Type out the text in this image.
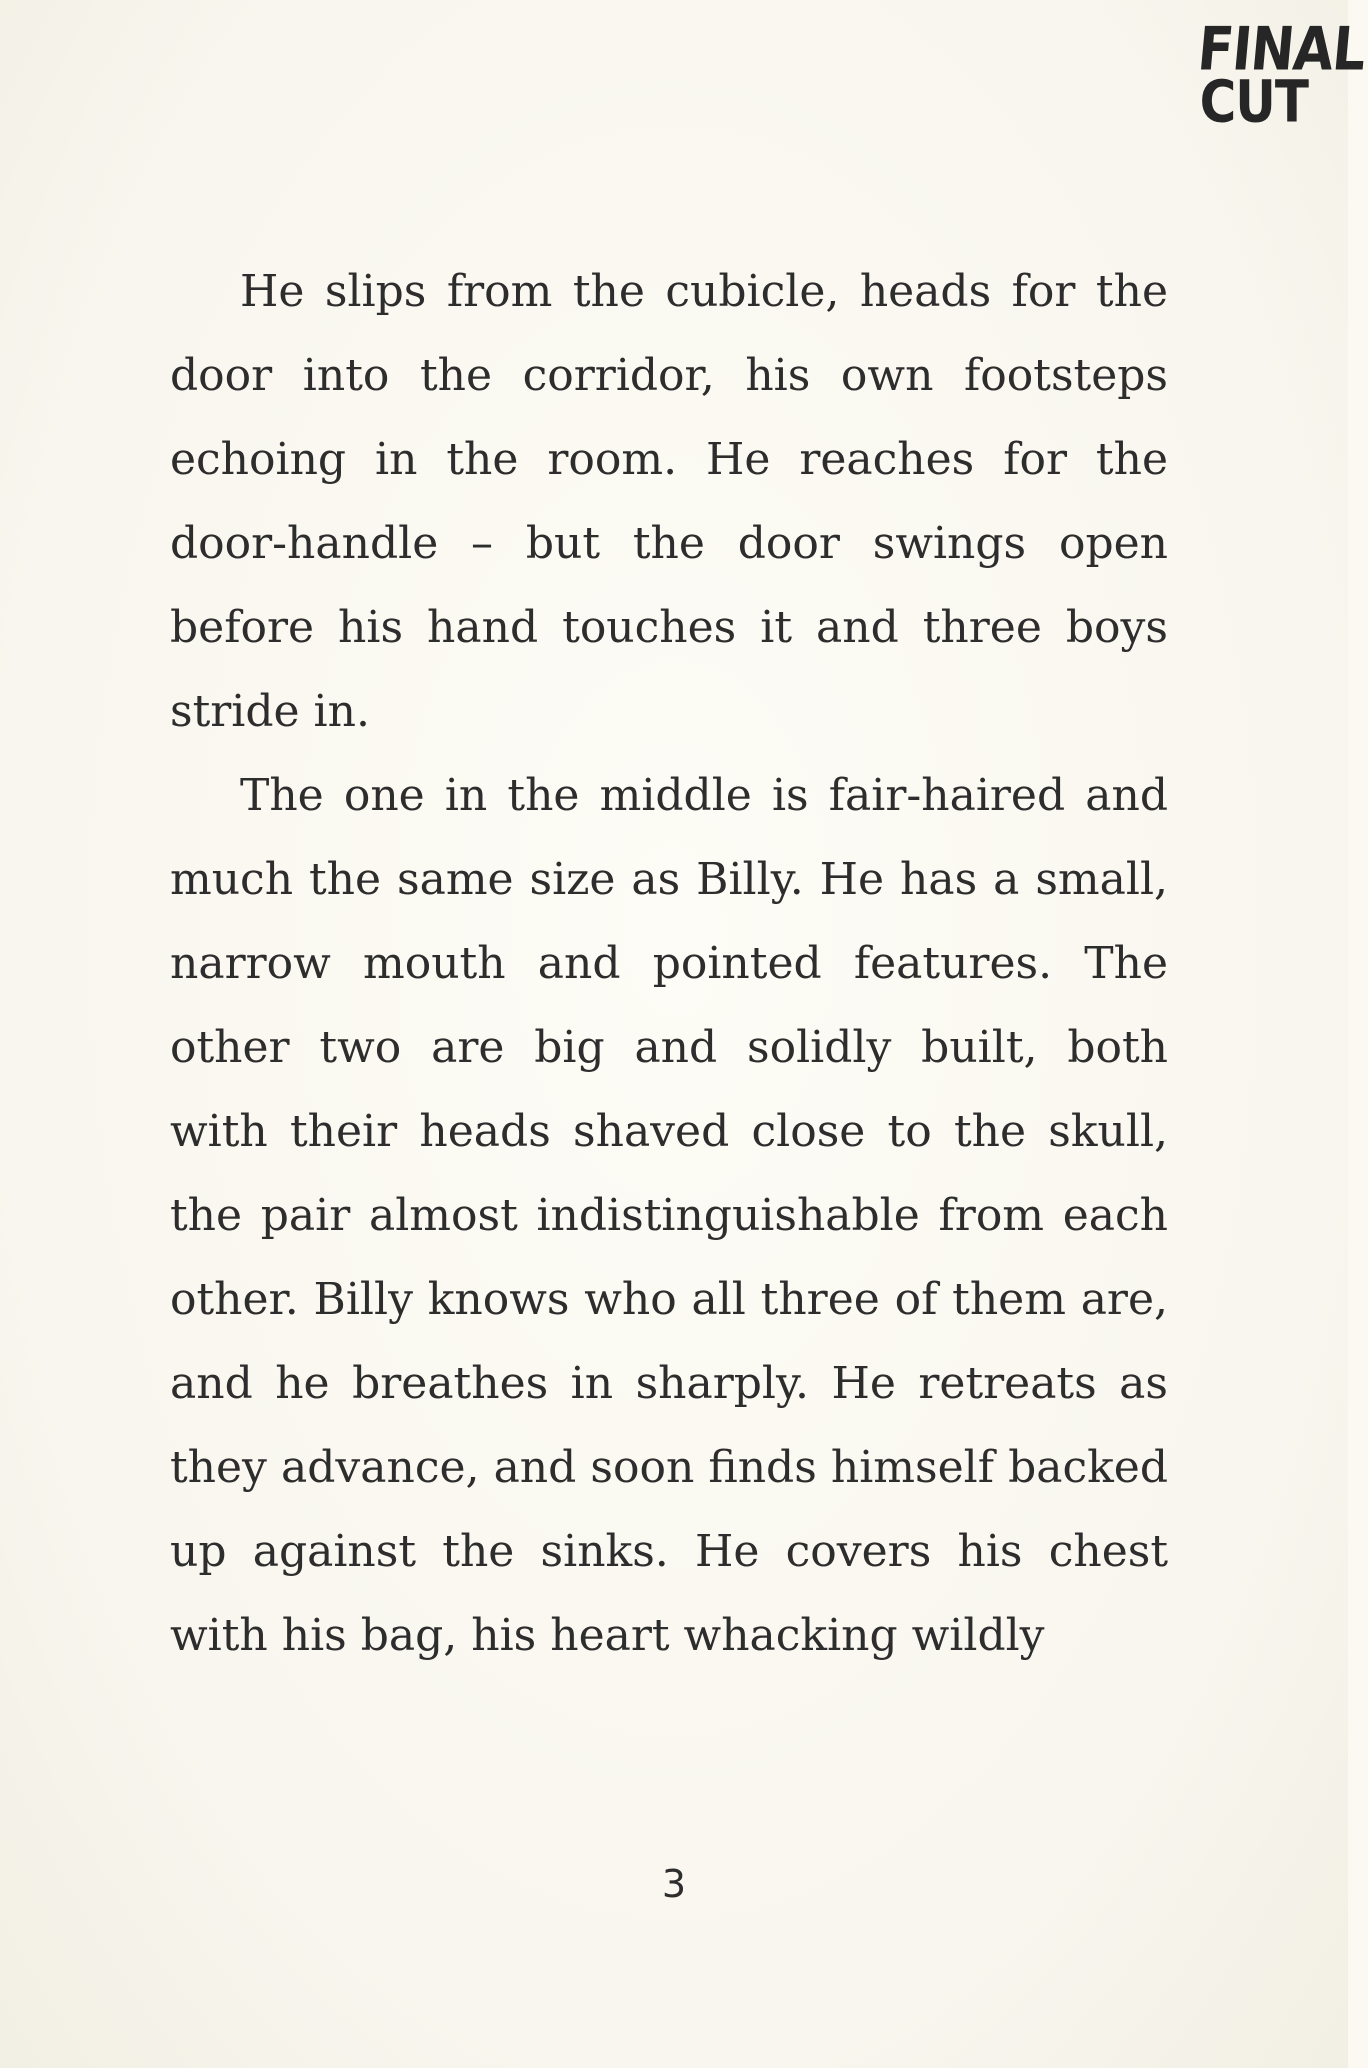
FINAL
CUT

He slips from the cubicle, heads for the door into the corridor, his own footsteps echoing in the room. He reaches for the door-handle – but the door swings open before his hand touches it and three boys stride in.

The one in the middle is fair-haired and much the same size as Billy. He has a small, narrow mouth and pointed features. The other two are big and solidly built, both with their heads shaved close to the skull, the pair almost indistinguishable from each other. Billy knows who all three of them are, and he breathes in sharply. He retreats as they advance, and soon finds himself backed up against the sinks. He covers his chest with his bag, his heart whacking wildly

3
